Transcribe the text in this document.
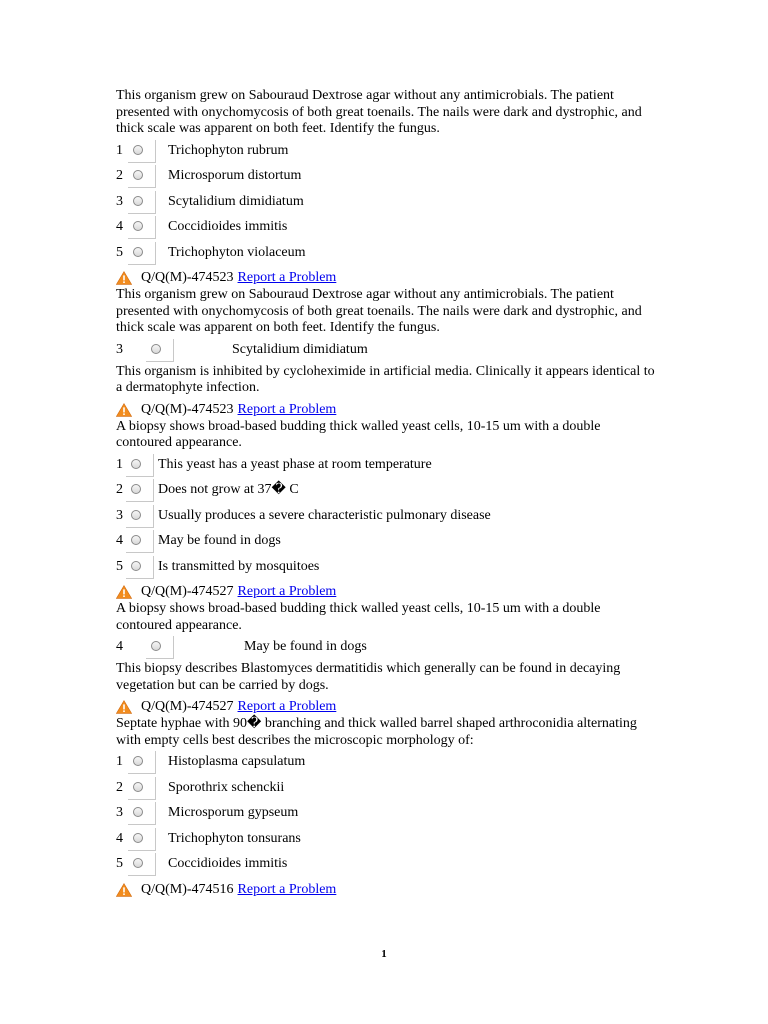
This organism grew on Sabouraud Dextrose agar without any antimicrobials. The patient presented with onychomycosis of both great toenails. The nails were dark and dystrophic, and thick scale was apparent on both feet. Identify the fungus.

1	Trichophyton rubrum
2	Microsporum distortum
3	Scytalidium dimidiatum
4	Coccidioides immitis
5	Trichophyton violaceum
Q/Q(M)-474523 Report a Problem

This organism grew on Sabouraud Dextrose agar without any antimicrobials. The patient presented with onychomycosis of both great toenails. The nails were dark and dystrophic, and thick scale was apparent on both feet. Identify the fungus.

3	Scytalidium dimidiatum

This organism is inhibited by cycloheximide in artificial media. Clinically it appears identical to a dermatophyte infection.

Q/Q(M)-474523 Report a Problem

A biopsy shows broad-based budding thick walled yeast cells, 10-15 um with a double contoured appearance.

1	This yeast has a yeast phase at room temperature
2	Does not grow at 37� C
3	Usually produces a severe characteristic pulmonary disease
4	May be found in dogs
5	Is transmitted by mosquitoes
Q/Q(M)-474527 Report a Problem

A biopsy shows broad-based budding thick walled yeast cells, 10-15 um with a double contoured appearance.

4	May be found in dogs

This biopsy describes Blastomyces dermatitidis which generally can be found in decaying vegetation but can be carried by dogs.

Q/Q(M)-474527 Report a Problem

Septate hyphae with 90� branching and thick walled barrel shaped arthroconidia alternating with empty cells best describes the microscopic morphology of:

1	Histoplasma capsulatum
2	Sporothrix schenckii
3	Microsporum gypseum
4	Trichophyton tonsurans
5	Coccidioides immitis
Q/Q(M)-474516 Report a Problem
1
